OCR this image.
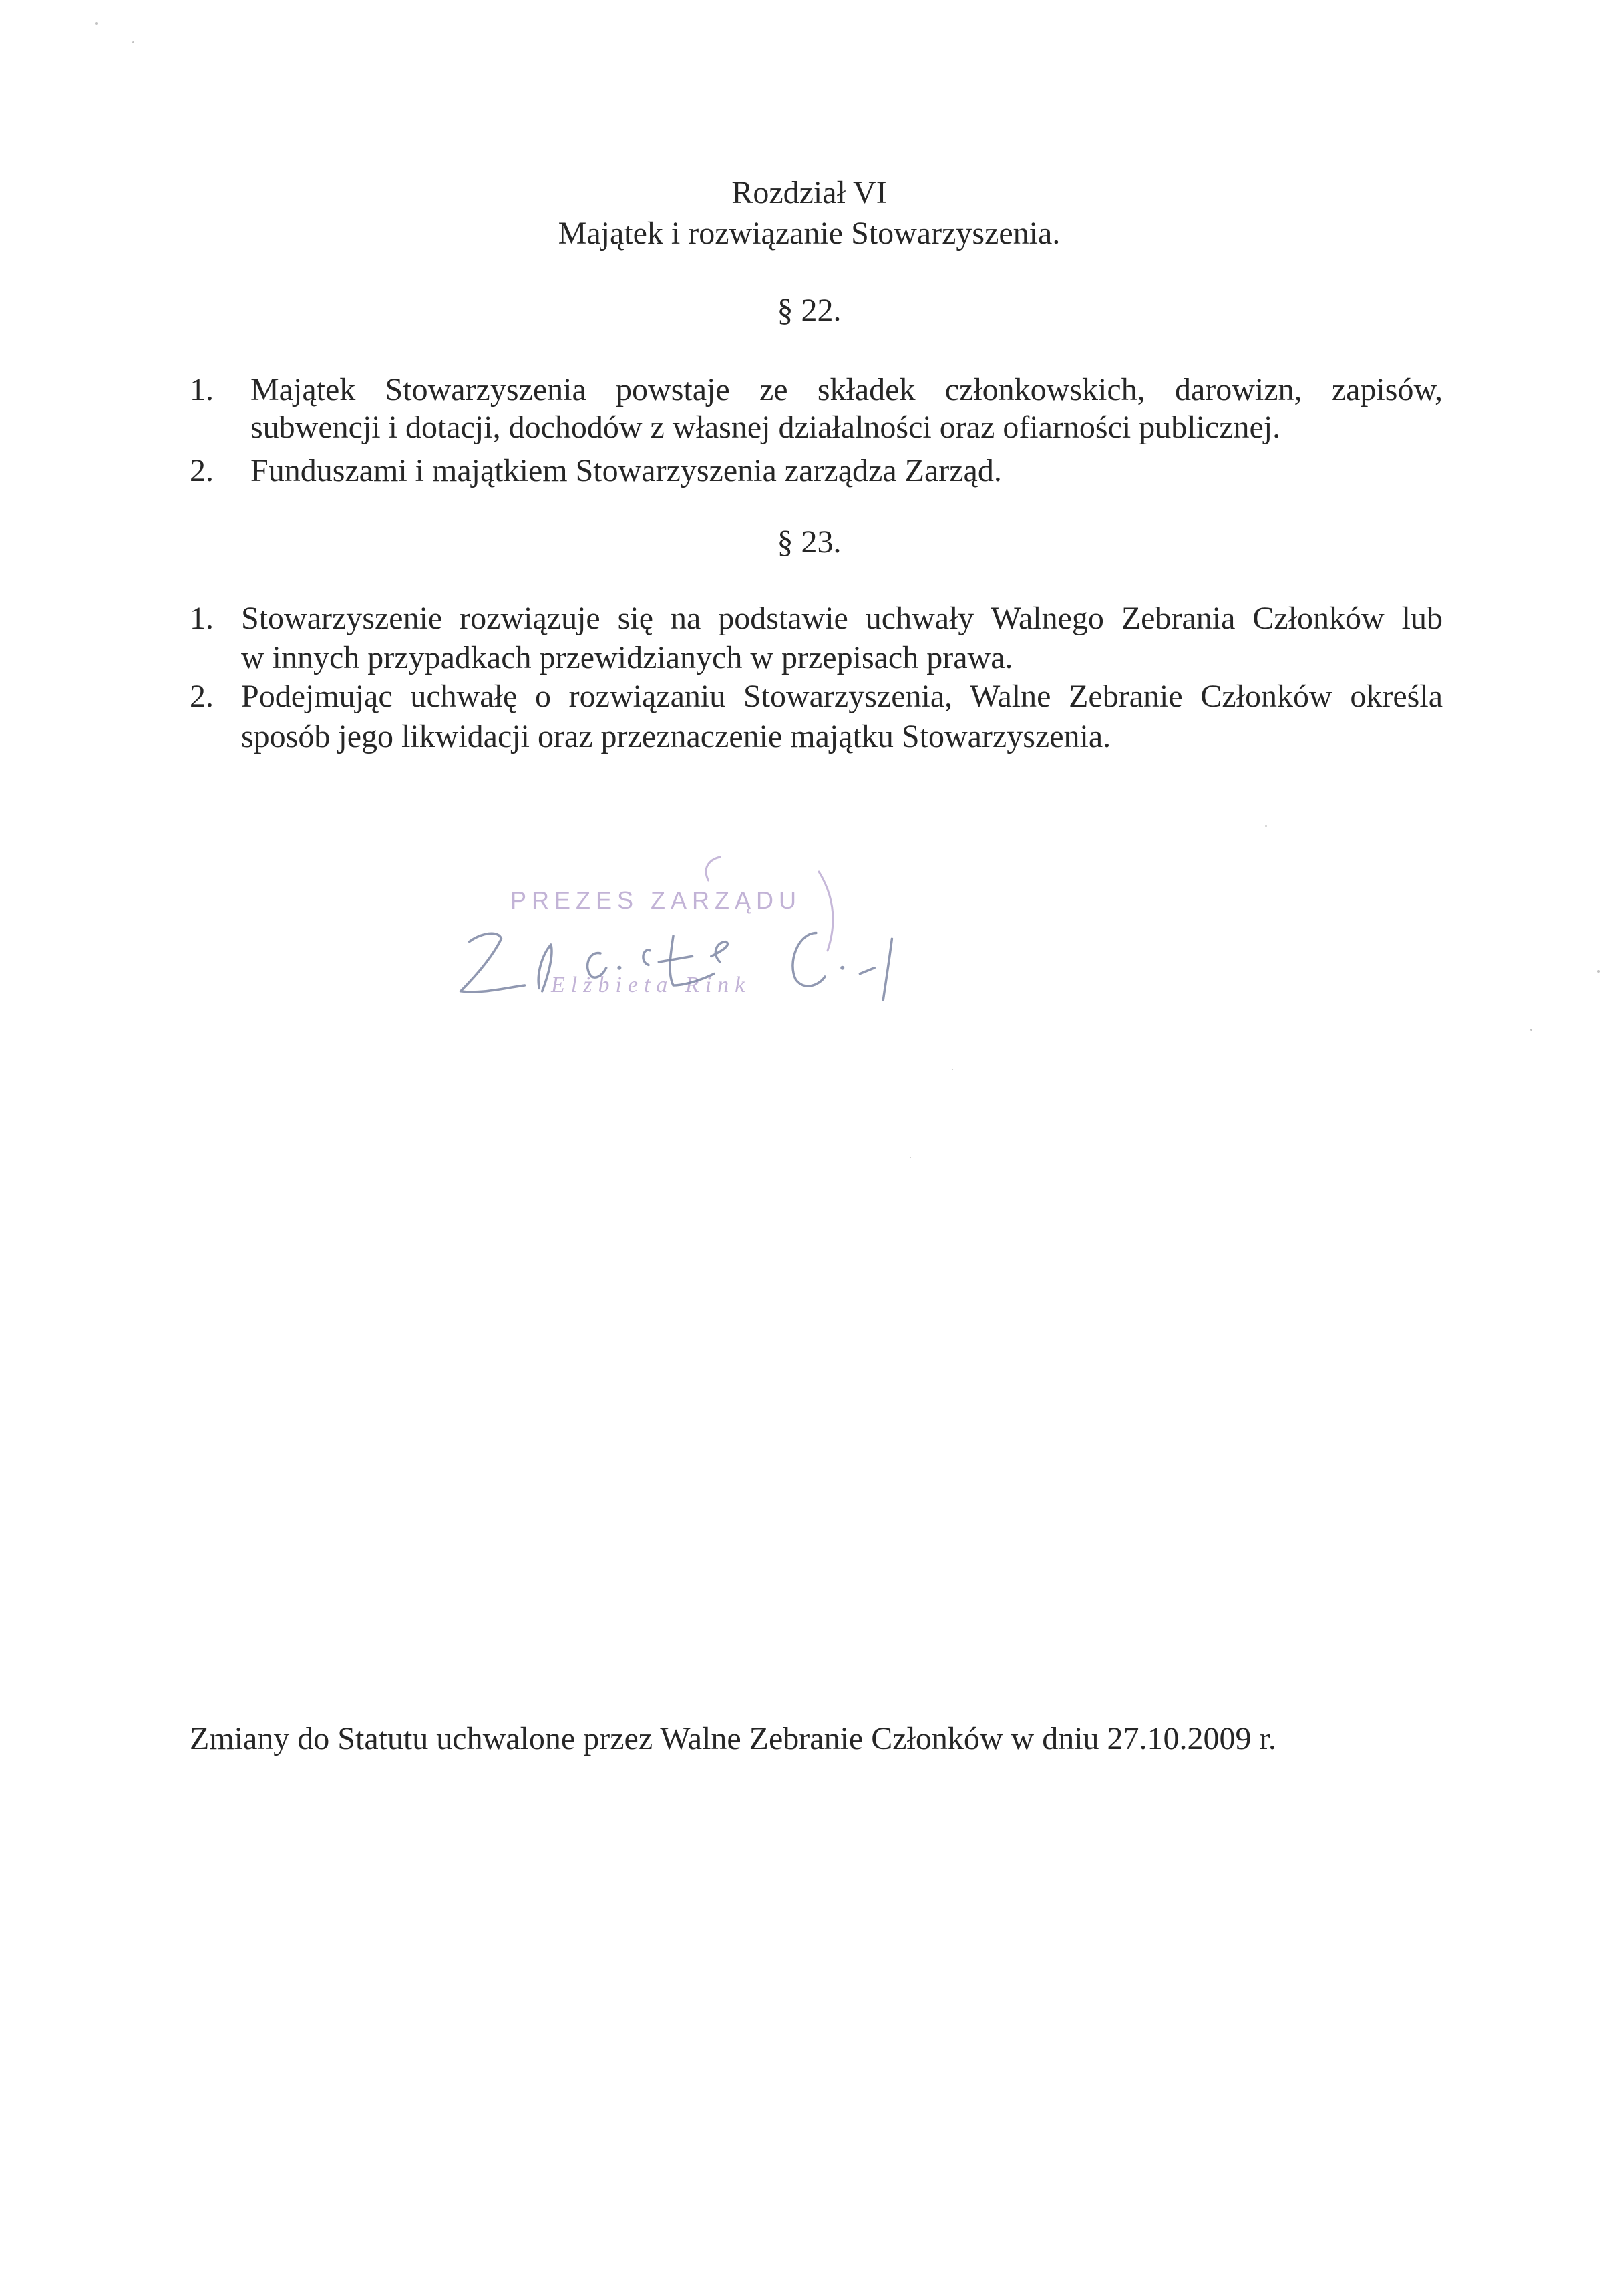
Rozdział VI
Majątek i rozwiązanie Stowarzyszenia.
§ 22.
1. Majątek Stowarzyszenia powstaje ze składek członkowskich, darowizn, zapisów,
subwencji i dotacji, dochodów z własnej działalności oraz ofiarności publicznej.
2. Funduszami i majątkiem Stowarzyszenia zarządza Zarząd.
§ 23.
1. Stowarzyszenie rozwiązuje się na podstawie uchwały Walnego Zebrania Członków lub
w innych przypadkach przewidzianych w przepisach prawa.
2. Podejmując uchwałę o rozwiązaniu Stowarzyszenia, Walne Zebranie Członków określa
sposób jego likwidacji oraz przeznaczenie majątku Stowarzyszenia.
PREZES ZARZĄDU
Elżbieta Rink
Zmiany do Statutu uchwalone przez Walne Zebranie Członków w dniu 27.10.2009 r.
